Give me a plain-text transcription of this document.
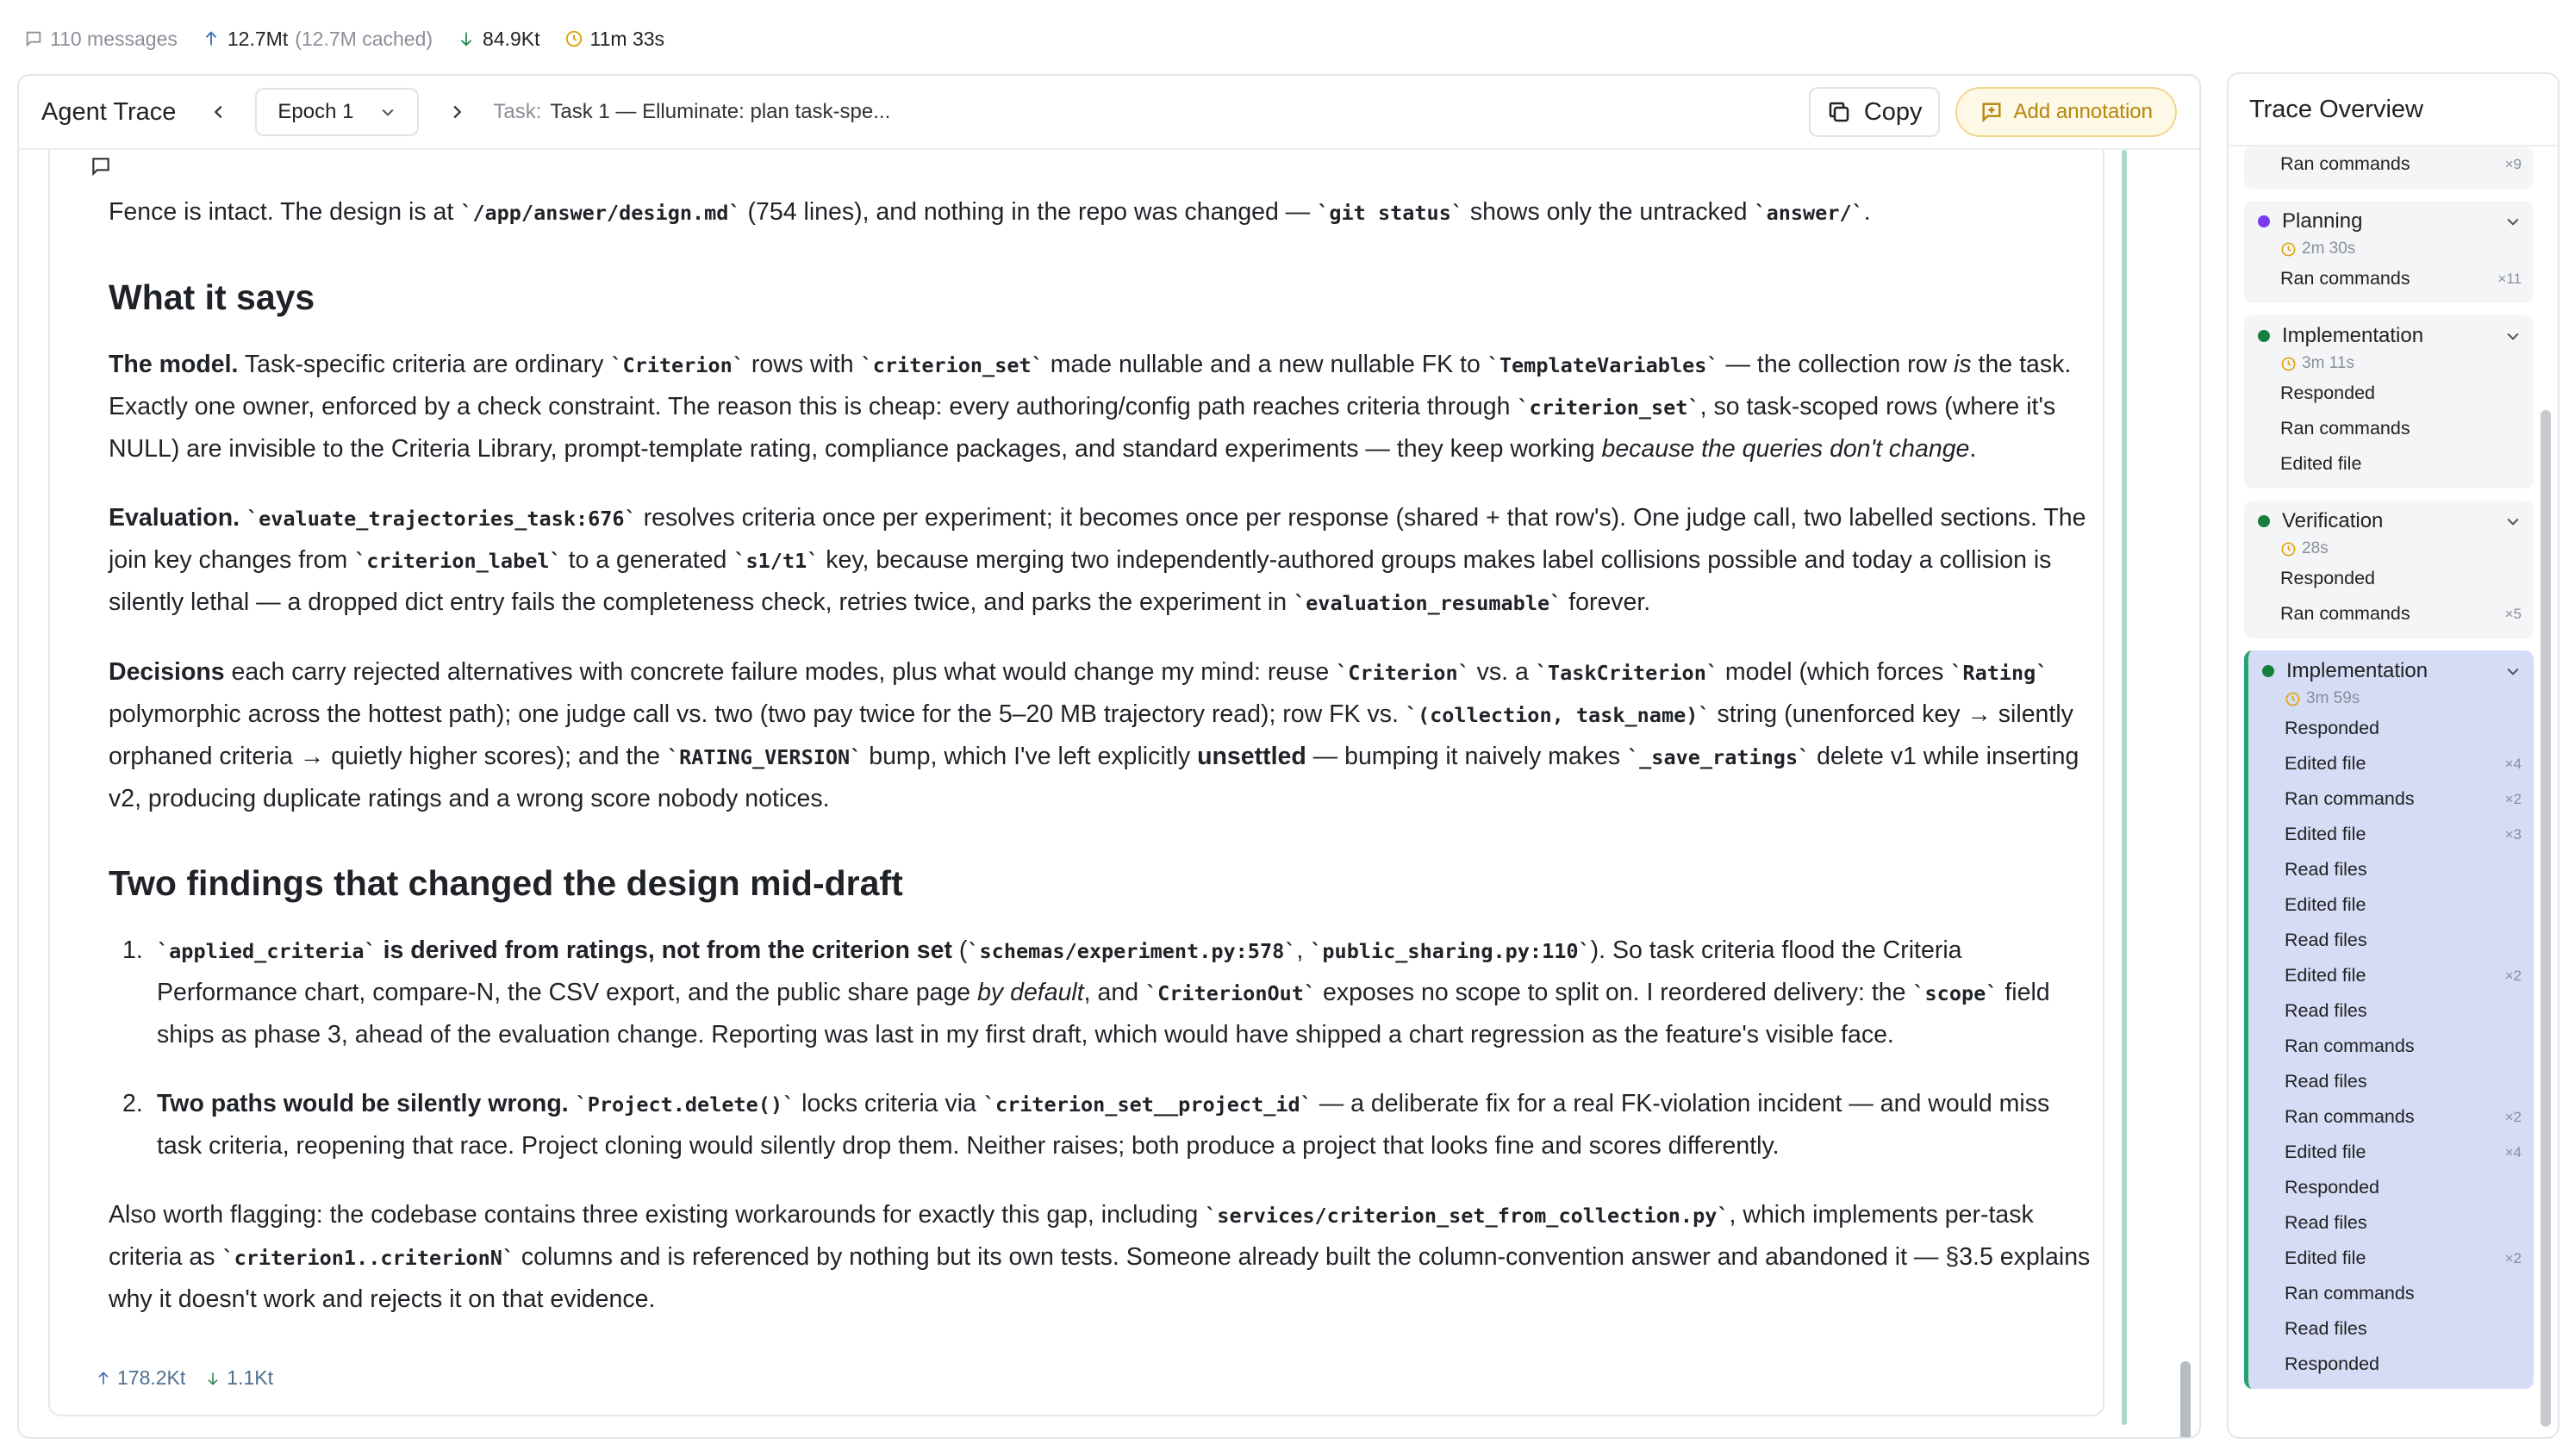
110 messages	12.7Mt (12.7M cached)	84.9Kt	11m 33s
Agent Trace	Epoch 1	Task: Task 1 — Elluminate: plan task-spe...	Copy	Add annotation

Fence is intact. The design is at `/app/answer/design.md` (754 lines), and nothing in the repo was changed — `git status` shows only the untracked `answer/`.

What it says

The model. Task-specific criteria are ordinary `Criterion` rows with `criterion_set` made nullable and a new nullable FK to `TemplateVariables` — the collection row is the task. Exactly one owner, enforced by a check constraint. The reason this is cheap: every authoring/config path reaches criteria through `criterion_set`, so task-scoped rows (where it's NULL) are invisible to the Criteria Library, prompt-template rating, compliance packages, and standard experiments — they keep working because the queries don't change.

Evaluation. `evaluate_trajectories_task:676` resolves criteria once per experiment; it becomes once per response (shared + that row's). One judge call, two labelled sections. The join key changes from `criterion_label` to a generated `s1/t1` key, because merging two independently-authored groups makes label collisions possible and today a collision is silently lethal — a dropped dict entry fails the completeness check, retries twice, and parks the experiment in `evaluation_resumable` forever.

Decisions each carry rejected alternatives with concrete failure modes, plus what would change my mind: reuse `Criterion` vs. a `TaskCriterion` model (which forces `Rating` polymorphic across the hottest path); one judge call vs. two (two pay twice for the 5–20 MB trajectory read); row FK vs. `(collection, task_name)` string (unenforced key → silently orphaned criteria → quietly higher scores); and the `RATING_VERSION` bump, which I've left explicitly unsettled — bumping it naively makes `_save_ratings` delete v1 while inserting v2, producing duplicate ratings and a wrong score nobody notices.

Two findings that changed the design mid-draft
1. `applied_criteria` is derived from ratings, not from the criterion set (`schemas/experiment.py:578`, `public_sharing.py:110`). So task criteria flood the Criteria Performance chart, compare-N, the CSV export, and the public share page by default, and `CriterionOut` exposes no scope to split on. I reordered delivery: the `scope` field ships as phase 3, ahead of the evaluation change. Reporting was last in my first draft, which would have shipped a chart regression as the feature's visible face.
2. Two paths would be silently wrong. `Project.delete()` locks criteria via `criterion_set__project_id` — a deliberate fix for a real FK-violation incident — and would miss task criteria, reopening that race. Project cloning would silently drop them. Neither raises; both produce a project that looks fine and scores differently.

Also worth flagging: the codebase contains three existing workarounds for exactly this gap, including `services/criterion_set_from_collection.py`, which implements per-task criteria as `criterion1..criterionN` columns and is referenced by nothing but its own tests. Someone already built the column-convention answer and abandoned it — §3.5 explains why it doesn't work and rejects it on that evidence.

178.2Kt 1.1Kt
Trace Overview
Ran commands	×9
Planning
2m 30s
Ran commands	×11
Implementation
3m 11s
Responded
Ran commands
Edited file
Verification
28s
Responded
Ran commands	×5
Implementation
3m 59s
Responded
Edited file	×4
Ran commands	×2
Edited file	×3
Read files
Edited file
Read files
Edited file	×2
Read files
Ran commands
Read files
Ran commands	×2
Edited file	×4
Responded
Read files
Edited file	×2
Ran commands
Read files
Responded
